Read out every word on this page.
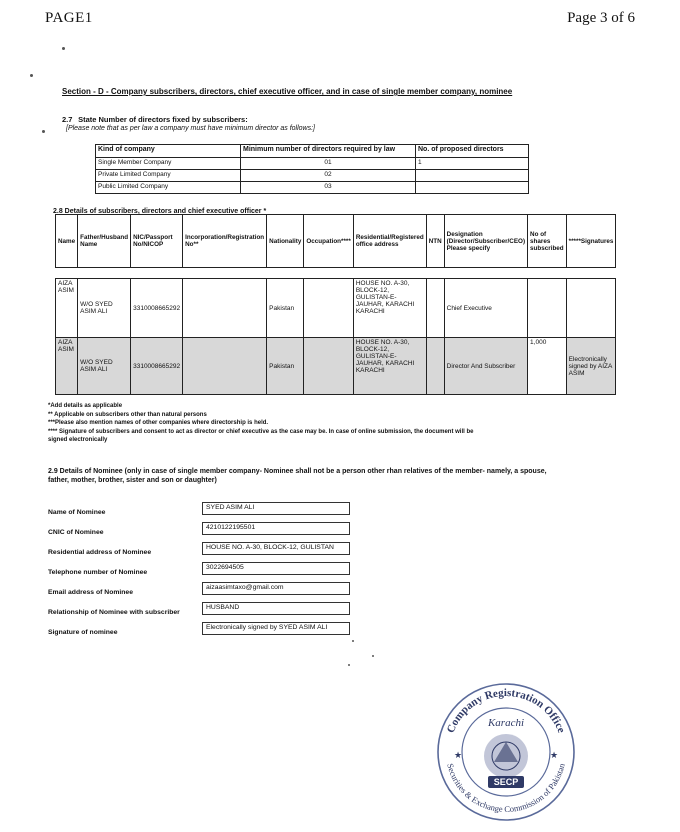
PAGE1	Page 3 of 6
Section - D - Company subscribers, directors, chief executive officer, and in case of single member company, nominee
2.7 State Number of directors fixed by subscribers:
[Please note that as per law a company must have minimum director as follows:]
Kind of company	Minimum number of directors required by law	No. of proposed directors
Single Member Company	01	1
Private Limited Company	02	
Public Limited Company	03	
2.8 Details of subscribers, directors and chief executive officer *
Name	Father/Husband Name	NIC/Passport No/NICOP	Incorporation/Registration No**	Nationality	Occupation****	Residential/Registered office address	NTN	Designation (Director/Subscriber/CEO) Please specify	No of shares subscribed	*****Signatures

AIZA ASIM	W/O SYED ASIM ALI	3310008665292		Pakistan		HOUSE NO. A-30, BLOCK-12, GULISTAN-E-JAUHAR, KARACHI KARACHI		Chief Executive		
AIZA ASIM	W/O SYED ASIM ALI	3310008665292		Pakistan		HOUSE NO. A-30, BLOCK-12, GULISTAN-E-JAUHAR, KARACHI KARACHI		Director And Subscriber	1,000	Electronically signed by AIZA ASIM
*Add details as applicable
** Applicable on subscribers other than natural persons
***Please also mention names of other companies where directorship is held.
**** Signature of subscribers and consent to act as director or chief executive as the case may be. In case of online submission, the document will be signed electronically
2.9 Details of Nominee (only in case of single member company- Nominee shall not be a person other rhan relatives of the member- namely, a spouse, father, mother, brother, sister and son or daughter)
Name of Nominee
SYED ASIM ALI
CNIC of Nominee
4210122195501
Residential address of Nominee
HOUSE NO. A-30, BLOCK-12, GULISTAN
Telephone number of Nominee
3022694505
Email address of Nominee
aizaasimtaxo@gmail.com
Relationship of Nominee with subscriber
HUSBAND
Signature of nominee
Electronically signed by SYED ASIM ALI
Company Registration Office
Karachi
Securities & Exchange Commission of Pakistan
SECP
★	★
